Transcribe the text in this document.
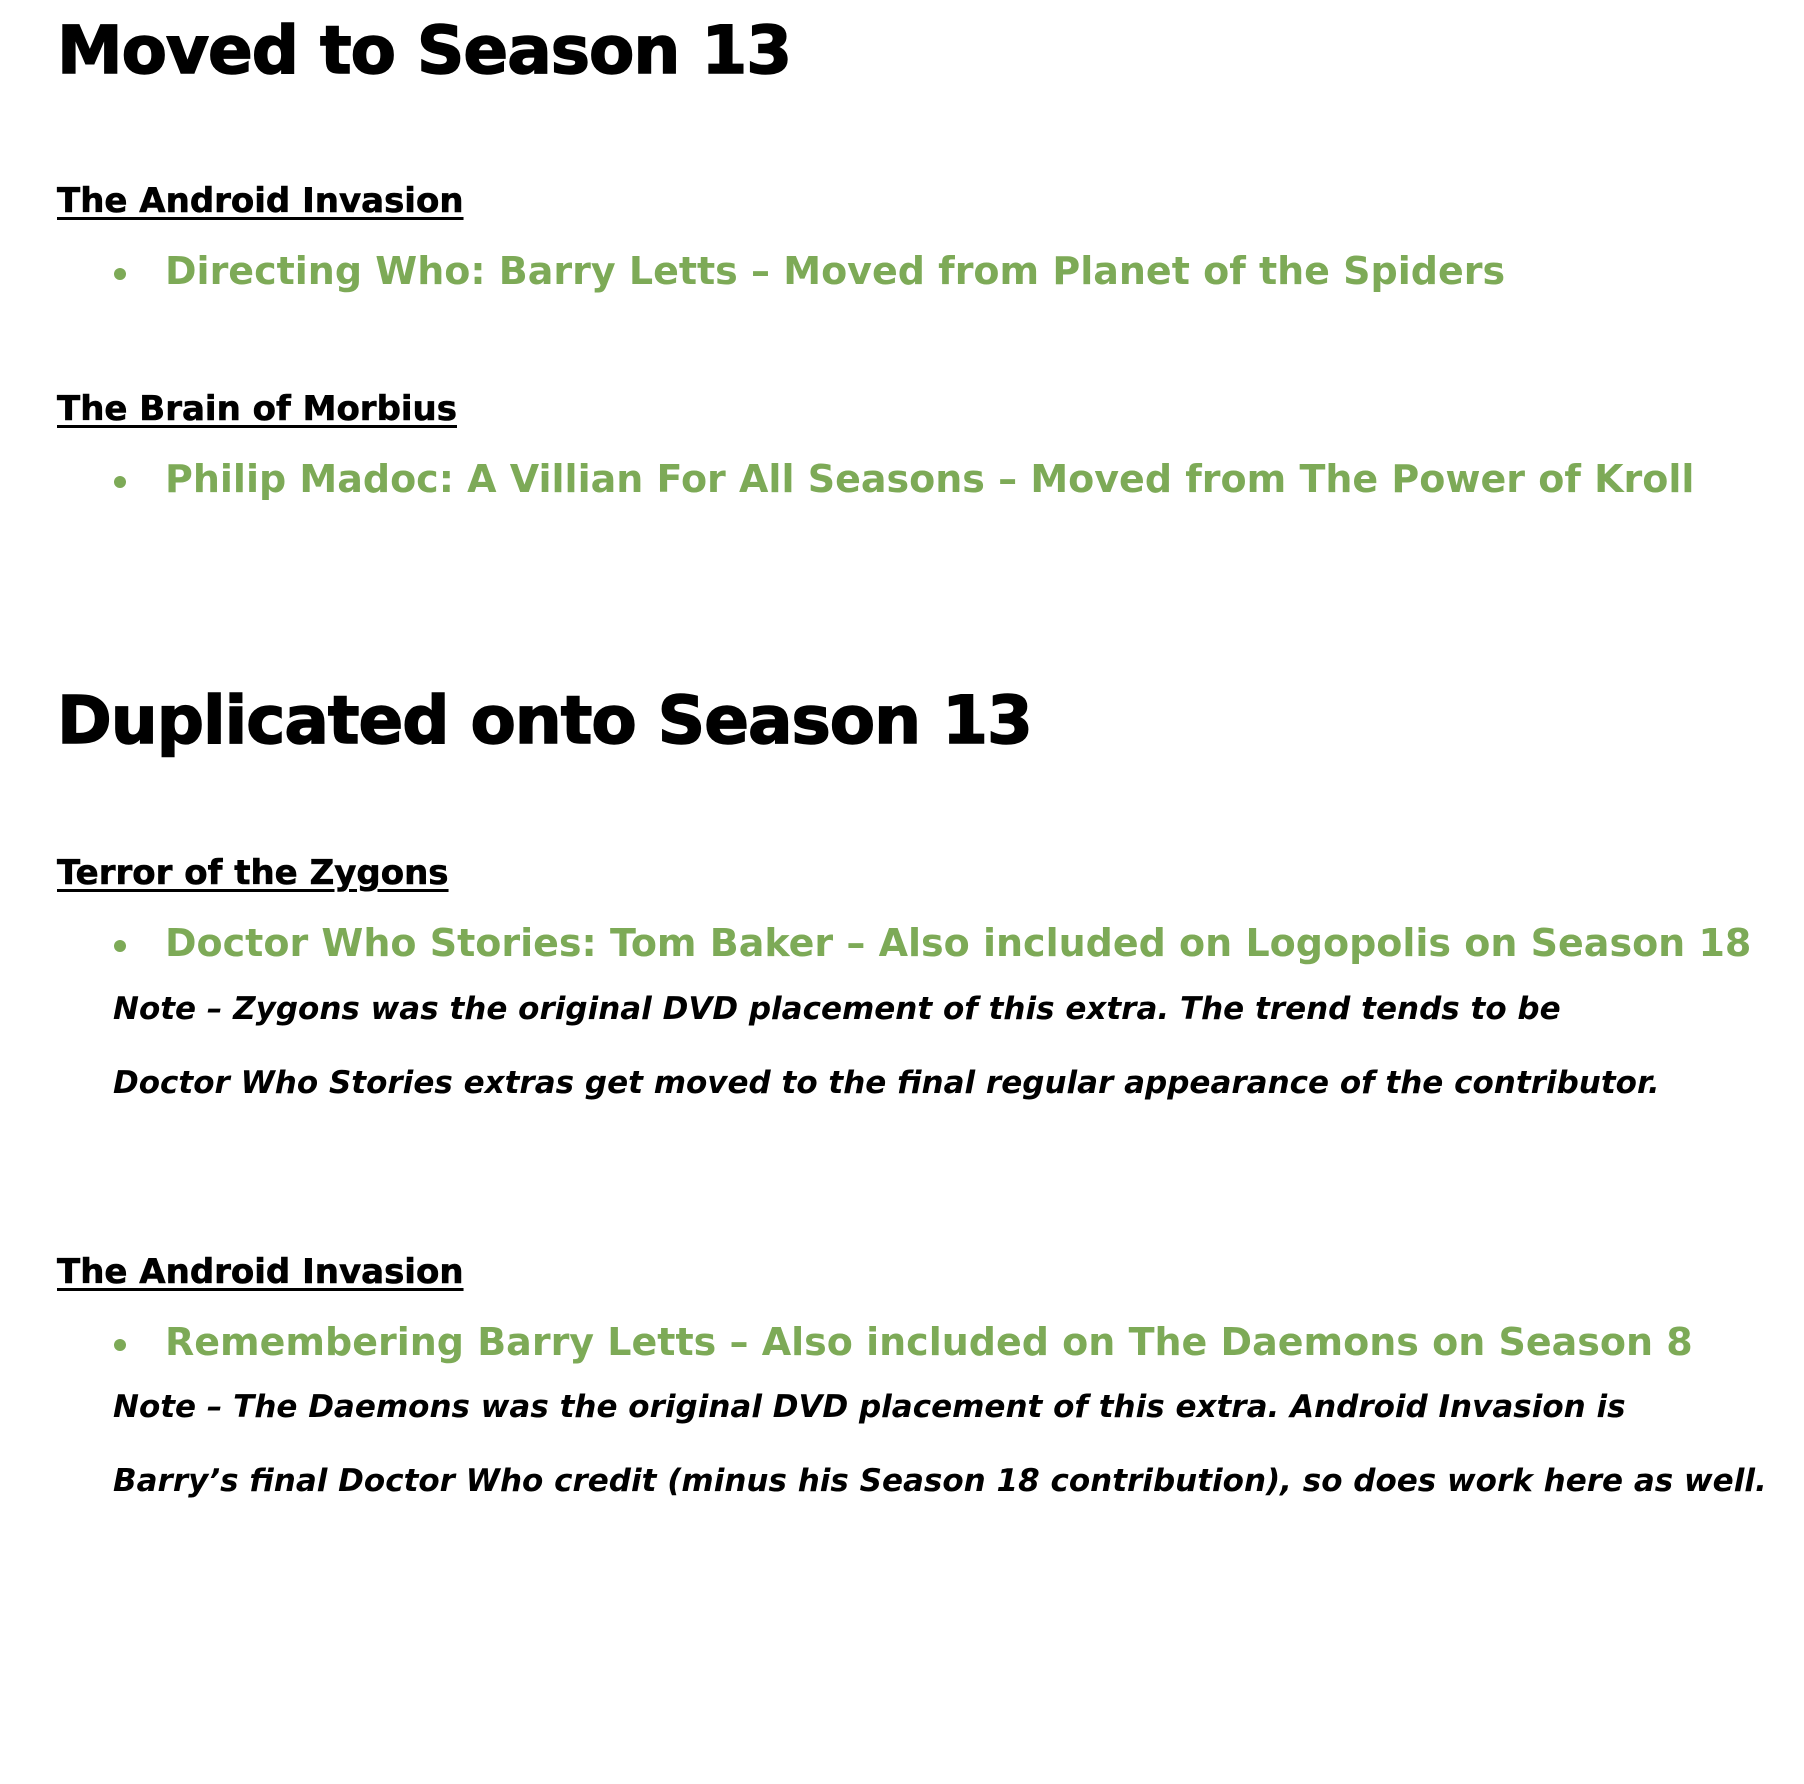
Moved to Season 13
The Android Invasion
Directing Who: Barry Letts – Moved from Planet of the Spiders
The Brain of Morbius
Philip Madoc: A Villian For All Seasons – Moved from The Power of Kroll
Duplicated onto Season 13
Terror of the Zygons
Doctor Who Stories: Tom Baker – Also included on Logopolis on Season 18

Note – Zygons was the original DVD placement of this extra. The trend tends to be

Doctor Who Stories extras get moved to the final regular appearance of the contributor.

The Android Invasion
Remembering Barry Letts – Also included on The Daemons on Season 8

Note – The Daemons was the original DVD placement of this extra. Android Invasion is

Barry’s final Doctor Who credit (minus his Season 18 contribution), so does work here as well.
